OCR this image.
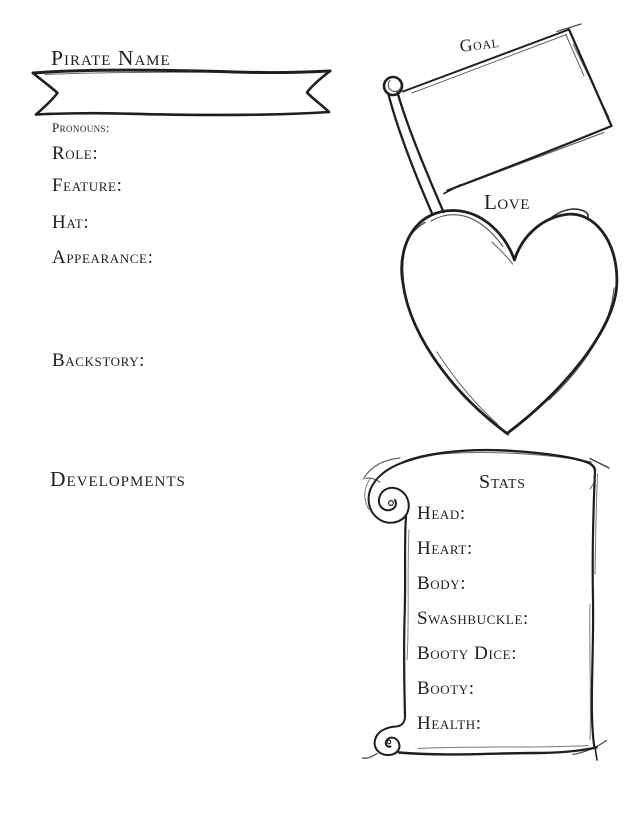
Pirate Name
Pronouns:
Role:
Feature:
Hat:
Appearance:
Backstory:
Developments
Goal
Love
Stats
Head:
Heart:
Body:
Swashbuckle:
Booty Dice:
Booty:
Health:
